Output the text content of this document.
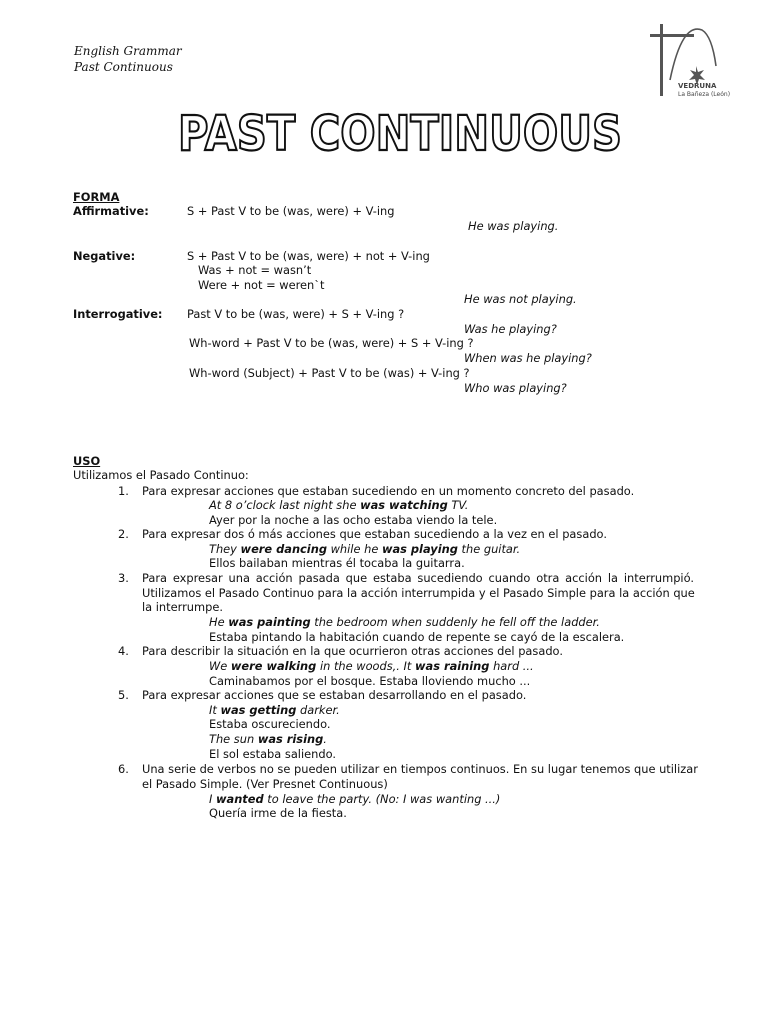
English Grammar
Past Continuous
VEDRUNA
La Bañeza (León)
PAST CONTINUOUS
FORMA
Affirmative:	S + Past V to be (was, were) + V-ing
He was playing.
Negative:	S + Past V to be (was, were) + not + V-ing
Was + not = wasn’t
Were + not = weren`t
He was not playing.
Interrogative: Past V to be (was, were) + S + V-ing ?
Was he playing?
Wh-word + Past V to be (was, were) + S + V-ing ?
When was he playing?
Wh-word (Subject) + Past V to be (was) + V-ing ?
Who was playing?
USO
Utilizamos el Pasado Continuo:
1. Para expresar acciones que estaban sucediendo en un momento concreto del pasado.
At 8 o’clock last night she was watching TV.
Ayer por la noche a las ocho estaba viendo la tele.
2. Para expresar dos ó más acciones que estaban sucediendo a la vez en el pasado.
They were dancing while he was playing the guitar.
Ellos bailaban mientras él tocaba la guitarra.
3. Para expresar una acción pasada que estaba sucediendo cuando otra acción la interrumpió.
Utilizamos el Pasado Continuo para la acción interrumpida y el Pasado Simple para la acción que
la interrumpe.
He was painting the bedroom when suddenly he fell off the ladder.
Estaba pintando la habitación cuando de repente se cayó de la escalera.
4. Para describir la situación en la que ocurrieron otras acciones del pasado.
We were walking in the woods,. It was raining hard ...
Caminabamos por el bosque. Estaba lloviendo mucho ...
5. Para expresar acciones que se estaban desarrollando en el pasado.
It was getting darker.
Estaba oscureciendo.
The sun was rising.
El sol estaba saliendo.
6. Una serie de verbos no se pueden utilizar en tiempos continuos. En su lugar tenemos que utilizar
el Pasado Simple. (Ver Presnet Continuous)
I wanted to leave the party. (No: I was wanting ...)
Quería irme de la fiesta.
